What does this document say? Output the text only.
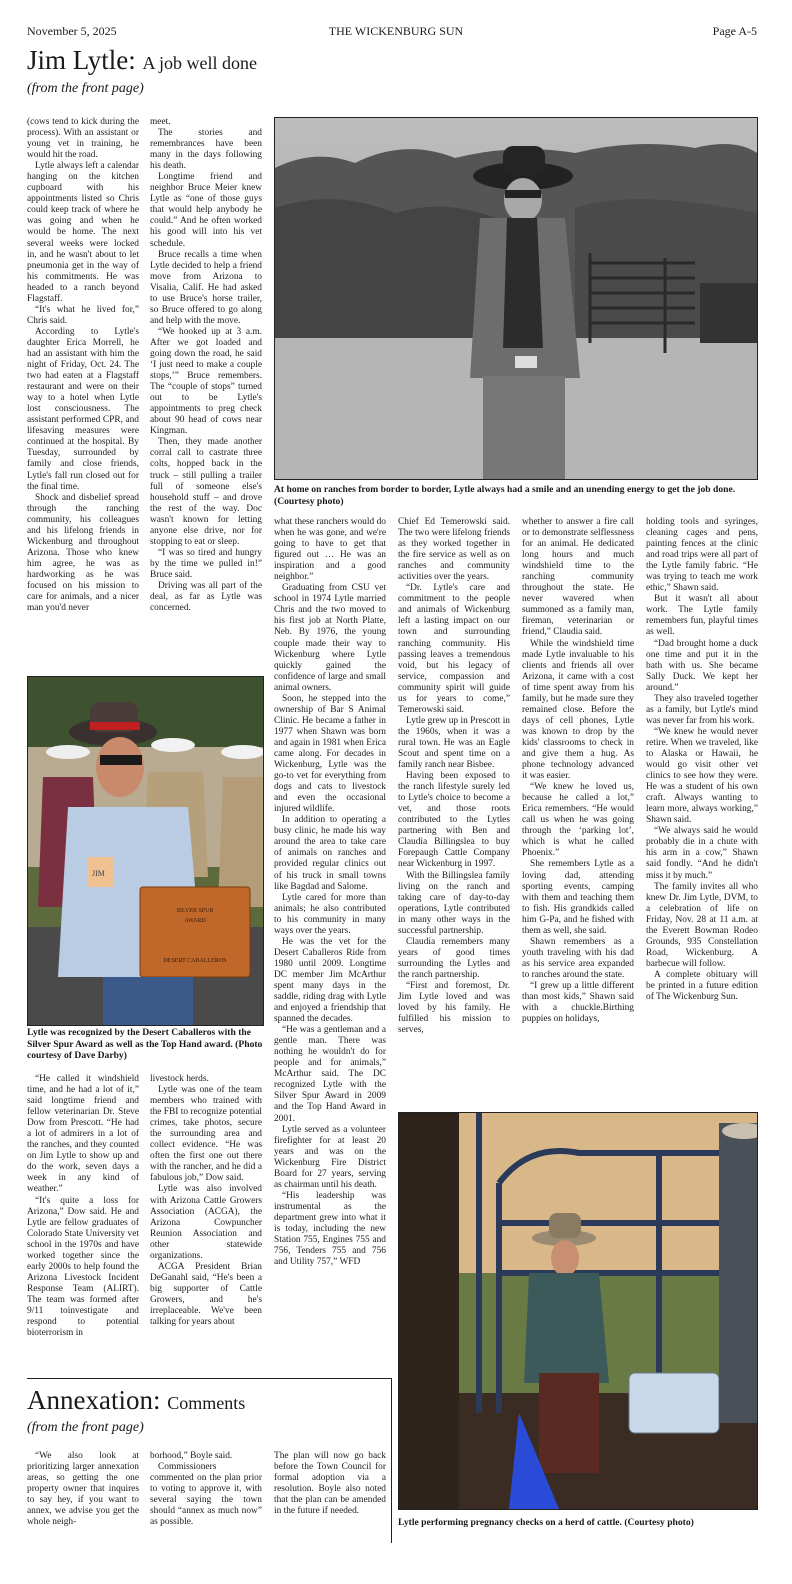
November 5, 2025	THE WICKENBURG SUN	Page A-5
Jim Lytle: A job well done
(from the front page)

(cows tend to kick during the process). With an assistant or young vet in training, he would hit the road.

Lytle always left a calendar hanging on the kitchen cupboard with his appointments listed so Chris could keep track of where he was going and when he would be home. The next several weeks were locked in, and he wasn't about to let pneumonia get in the way of his commitments. He was headed to a ranch beyond Flagstaff.

“It's what he lived for,” Chris said.

According to Lytle's daughter Erica Morrell, he had an assistant with him the night of Friday, Oct. 24. The two had eaten at a Flagstaff restaurant and were on their way to a hotel when Lytle lost consciousness. The assistant performed CPR, and lifesaving measures were continued at the hospital. By Tuesday, surrounded by family and close friends, Lytle's fall run closed out for the final time.

Shock and disbelief spread through the ranching community, his colleagues and his lifelong friends in Wickenburg and throughout Arizona. Those who knew him agree, he was as hardworking as he was focused on his mission to care for animals, and a nicer man you'd never

meet.

The stories and remembrances have been many in the days following his death.

Longtime friend and neighbor Bruce Meier knew Lytle as “one of those guys that would help anybody he could.” And he often worked his good will into his vet schedule.

Bruce recalls a time when Lytle decided to help a friend move from Arizona to Visalia, Calif. He had asked to use Bruce's horse trailer, so Bruce offered to go along and help with the move.

“We hooked up at 3 a.m. After we got loaded and going down the road, he said ‘I just need to make a couple stops,’” Bruce remembers. The “couple of stops” turned out to be Lytle's appointments to preg check about 90 head of cows near Kingman.

Then, they made another corral call to castrate three colts, hopped back in the truck – still pulling a trailer full of someone else's household stuff – and drove the rest of the way. Doc wasn't known for letting anyone else drive, nor for stopping to eat or sleep.

“I was so tired and hungry by the time we pulled in!” Bruce said.

Driving was all part of the deal, as far as Lytle was concerned.

At home on ranches from border to border, Lytle always had a smile and an unending energy to get the job done. (Courtesy photo)

what these ranchers would do when he was gone, and we're going to have to get that figured out … He was an inspiration and a good neighbor.”

Graduating from CSU vet school in 1974 Lytle married Chris and the two moved to his first job at North Platte, Neb. By 1976, the young couple made their way to Wickenburg where Lytle quickly gained the confidence of large and small animal owners.

Soon, he stepped into the ownership of Bar S Animal Clinic. He became a father in 1977 when Shawn was born and again in 1981 when Erica came along. For decades in Wickenburg, Lytle was the go-to vet for everything from dogs and cats to livestock and even the occasional injured wildlife.

In addition to operating a busy clinic, he made his way around the area to take care of animals on ranches and provided regular clinics out of his truck in small towns like Bagdad and Salome.

Lytle cared for more than animals; he also contributed to his community in many ways over the years.

He was the vet for the Desert Caballeros Ride from 1980 until 2009. Longtime DC member Jim McArthur spent many days in the saddle, riding drag with Lytle and enjoyed a friendship that spanned the decades.

“He was a gentleman and a gentle man. There was nothing he wouldn't do for people and for animals,” McArthur said. The DC recognized Lytle with the Silver Spur Award in 2009 and the Top Hand Award in 2001.

Lytle served as a volunteer firefighter for at least 20 years and was on the Wickenburg Fire District Board for 27 years, serving as chairman until his death.

“His leadership was instrumental as the department grew into what it is today, including the new Station 755, Engines 755 and 756, Tenders 755 and 756 and Utility 757,” WFD

Chief Ed Temerowski said. The two were lifelong friends as they worked together in the fire service as well as on ranches and community activities over the years.

“Dr. Lytle's care and commitment to the people and animals of Wickenburg left a lasting impact on our town and surrounding ranching community. His passing leaves a tremendous void, but his legacy of service, compassion and community spirit will guide us for years to come,” Temerowski said.

Lytle grew up in Prescott in the 1960s, when it was a rural town. He was an Eagle Scout and spent time on a family ranch near Bisbee.

Having been exposed to the ranch lifestyle surely led to Lytle's choice to become a vet, and those roots contributed to the Lytles partnering with Ben and Claudia Billingslea to buy Forepaugh Cattle Company near Wickenburg in 1997.

With the Billingslea family living on the ranch and taking care of day-to-day operations, Lytle contributed in many other ways in the successful partnership.

Claudia remembers many years of good times surrounding the Lytles and the ranch partnership.

“First and foremost, Dr. Jim Lytle loved and was loved by his family. He fulfilled his mission to serves,

whether to answer a fire call or to demonstrate selflessness for an animal. He dedicated long hours and much windshield time to the ranching community throughout the state. He never wavered when summoned as a family man, fireman, veterinarian or friend,” Claudia said.

While the windshield time made Lytle invaluable to his clients and friends all over Arizona, it came with a cost of time spent away from his family, but he made sure they remained close. Before the days of cell phones, Lytle was known to drop by the kids' classrooms to check in and give them a hug. As phone technology advanced it was easier.

“We knew he loved us, because he called a lot,” Erica remembers. “He would call us when he was going through the ‘parking lot’, which is what he called Phoenix.”

She remembers Lytle as a loving dad, attending sporting events, camping with them and teaching them to fish. His grandkids called him G-Pa, and he fished with them as well, she said.

Shawn remembers as a youth traveling with his dad as his service area expanded to ranches around the state.

“I grew up a little different than most kids,” Shawn said with a chuckle.Birthing puppies on holidays,

holding tools and syringes, cleaning cages and pens, painting fences at the clinic and road trips were all part of the Lytle family fabric. “He was trying to teach me work ethic,” Shawn said.

But it wasn't all about work. The Lytle family remembers fun, playful times as well.

“Dad brought home a duck one time and put it in the bath with us. She became Sally Duck. We kept her around.”

They also traveled together as a family, but Lytle's mind was never far from his work.

“We knew he would never retire. When we traveled, like to Alaska or Hawaii, he would go visit other vet clinics to see how they were. He was a student of his own craft. Always wanting to learn more, always working,” Shawn said.

“We always said he would probably die in a chute with his arm in a cow,” Shawn said fondly. “And he didn't miss it by much.”

The family invites all who knew Dr. Jim Lytle, DVM, to a celebration of life on Friday, Nov. 28 at 11 a.m. at the Everett Bowman Rodeo Grounds, 935 Constellation Road, Wickenburg. A barbecue will follow.

A complete obituary will be printed in a future edition of The Wickenburg Sun.

JIM
SILVER SPUR
AWARD
DESERT CABALLEROS
Lytle was recognized by the Desert Caballeros with the Silver Spur Award as well as the Top Hand award. (Photo courtesy of Dave Darby)

“He called it windshield time, and he had a lot of it,” said longtime friend and fellow veterinarian Dr. Steve Dow from Prescott. “He had a lot of admirers in a lot of the ranches, and they counted on Jim Lytle to show up and do the work, seven days a week in any kind of weather.”

“It's quite a loss for Arizona,” Dow said. He and Lytle are fellow graduates of Colorado State University vet school in the 1970s and have worked together since the early 2000s to help found the Arizona Livestock Incident Response Team (ALIRT). The team was formed after 9/11 toinvestigate and respond to potential bioterrorism in

livestock herds.

Lytle was one of the team members who trained with the FBI to recognize potential crimes, take photos, secure the surrounding area and collect evidence. “He was often the first one out there with the rancher, and he did a fabulous job,” Dow said.

Lytle was also involved with Arizona Cattle Growers Association (ACGA), the Arizona Cowpuncher Reunion Association and other statewide organizations.

ACGA President Brian DeGanahl said, “He's been a big supporter of Cattle Growers, and he's irreplaceable. We've been talking for years about

Lytle performing pregnancy checks on a herd of cattle. (Courtesy photo)
Annexation: Comments
(from the front page)

“We also look at prioritizing larger annexation areas, so getting the one property owner that inquires to say hey, if you want to annex, we advise you get the whole neigh-

borhood,” Boyle said.

Commissioners commented on the plan prior to voting to approve it, with several saying the town should “annex as much now” as possible.

The plan will now go back before the Town Council for formal adoption via a resolution. Boyle also noted that the plan can be amended in the future if needed.
